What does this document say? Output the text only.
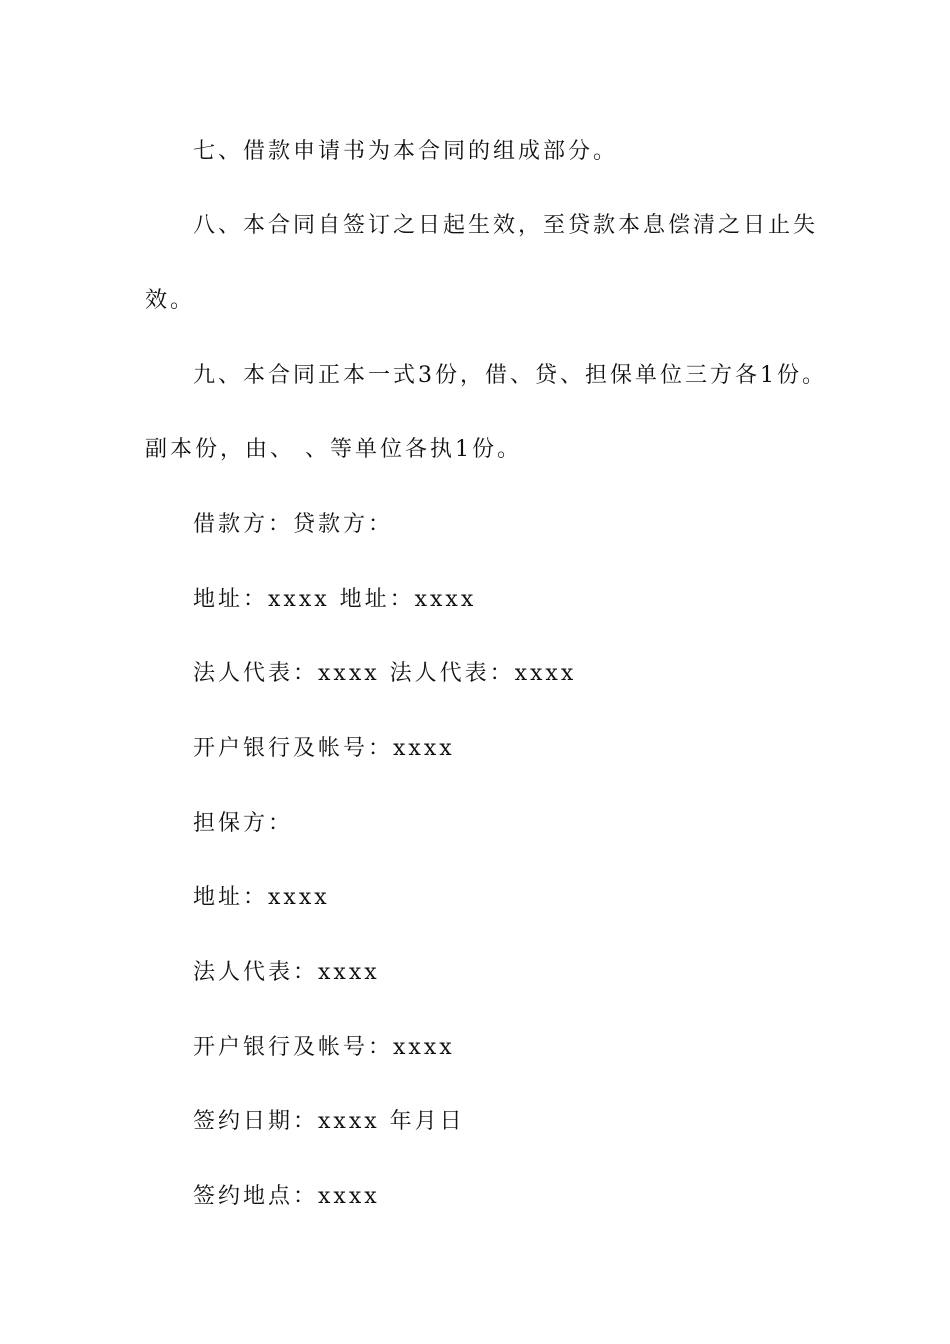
七、借款申请书为本合同的组成部分。
八、本合同自签订之日起生效，至贷款本息偿清之日止失
效。
九、本合同正本一式3份，借、贷、担保单位三方各1份。
副本份，由、 、等单位各执1份。
借款方：贷款方：
地址：xxxx 地址：xxxx
法人代表：xxxx 法人代表：xxxx
开户银行及帐号：xxxx
担保方：
地址：xxxx
法人代表：xxxx
开户银行及帐号：xxxx
签约日期：xxxx 年月日
签约地点：xxxx
